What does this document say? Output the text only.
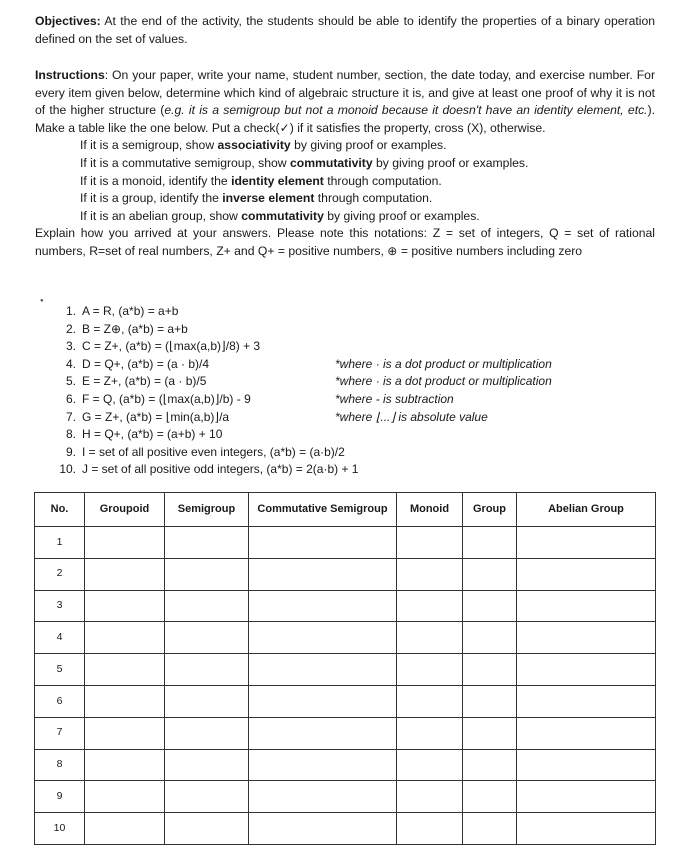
Objectives: At the end of the activity, the students should be able to identify the properties of a binary operation defined on the set of values.

Instructions: On your paper, write your name, student number, section, the date today, and exercise number. For every item given below, determine which kind of algebraic structure it is, and give at least one proof of why it is not of the higher structure (e.g. it is a semigroup but not a monoid because it doesn't have an identity element, etc.). Make a table like the one below. Put a check(✓) if it satisfies the property, cross (X), otherwise.

If it is a semigroup, show associativity by giving proof or examples.

If it is a commutative semigroup, show commutativity by giving proof or examples.

If it is a monoid, identify the identity element through computation.

If it is a group, identify the inverse element through computation.

If it is an abelian group, show commutativity by giving proof or examples.

Explain how you arrived at your answers. Please note this notations: Z = set of integers, Q = set of rational numbers, R=set of real numbers, Z+ and Q+ = positive numbers, ⊕ = positive numbers including zero

●
1. A = R, (a*b) = a+b
2. B = Z⊕, (a*b) = a+b
3. C = Z+, (a*b) = (⌊max(a,b)⌋/8) + 3
4. D = Q+, (a*b) = (a · b)/4	*where · is a dot product or multiplication
5. E = Z+, (a*b) = (a · b)/5	*where · is a dot product or multiplication
6. F = Q, (a*b) = (⌊max(a,b)⌋/b) - 9	*where - is subtraction
7. G = Z+, (a*b) = ⌊min(a,b)⌋/a	*where ⌊...⌋ is absolute value
8. H = Q+, (a*b) = (a+b) + 10
9. I = set of all positive even integers, (a*b) = (a·b)/2
10. J = set of all positive odd integers, (a*b) = 2(a·b) + 1
No.	Groupoid	Semigroup	Commutative Semigroup	Monoid	Group	Abelian Group
1						
2						
3						
4						
5						
6						
7						
8						
9						
10						
